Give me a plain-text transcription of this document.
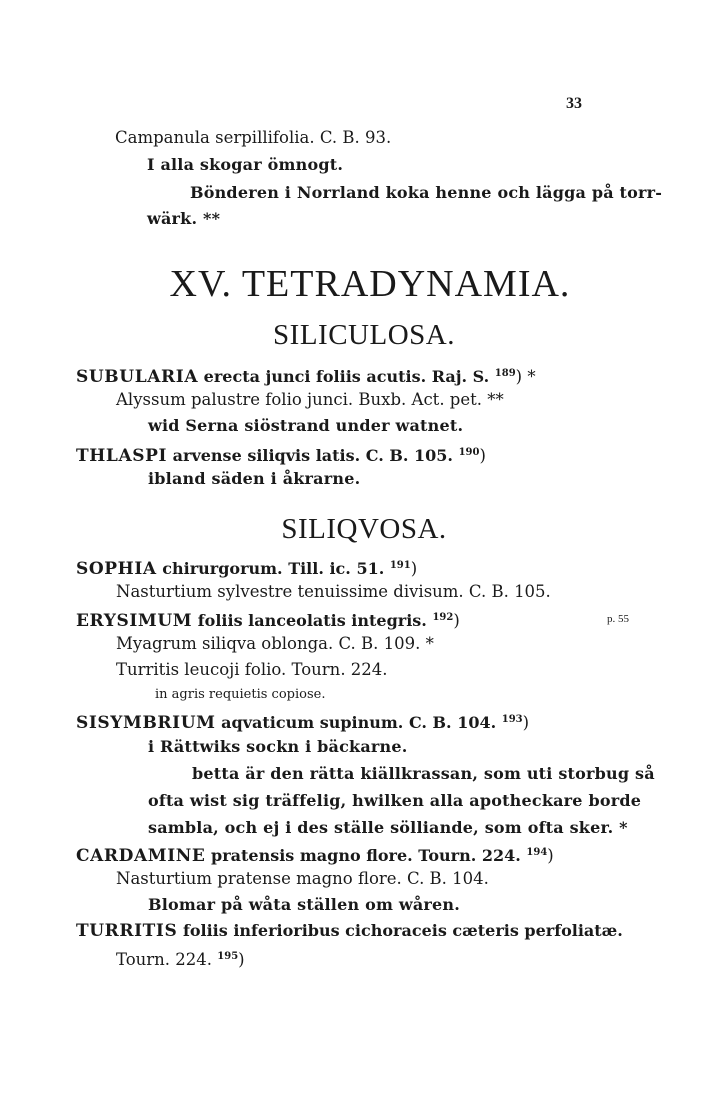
33
Campanula serpillifolia. C. B. 93.
I alla skogar ömnogt.
Bönderen i Norrland koka henne och lägga på torr-
wärk. **
XV. TETRADYNAMIA.
SILICULOSA.
SUBULARIA erecta junci foliis acutis. Raj. S. $^{189}$) *
Alyssum palustre folio junci. Buxb. Act. pet. **
wid Serna siöstrand under watnet.
THLASPI arvense siliqvis latis. C. B. 105. $^{190}$)
ibland säden i åkrarne.
SILIQVOSA.
SOPHIA chirurgorum. Till. ic. 51. $^{191}$)
Nasturtium sylvestre tenuissime divisum. C. B. 105.
ERYSIMUM foliis lanceolatis integris. $^{192}$)	p. 55
Myagrum siliqva oblonga. C. B. 109. *
Turritis leucoji folio. Tourn. 224.
in agris requietis copiose.
SISYMBRIUM aqvaticum supinum. C. B. 104. $^{193}$)
i Rättwiks sockn i bäckarne.
betta är den rätta kiällkrassan, som uti storbug så
ofta wist sig träffelig, hwilken alla apotheckare borde
sambla, och ej i des ställe sölliande, som ofta sker. *
CARDAMINE pratensis magno flore. Tourn. 224. $^{194}$)
Nasturtium pratense magno flore. C. B. 104.
Blomar på wåta ställen om wåren.
TURRITIS foliis inferioribus cichoraceis cæteris perfoliatæ.
Tourn. 224. $^{195}$)
